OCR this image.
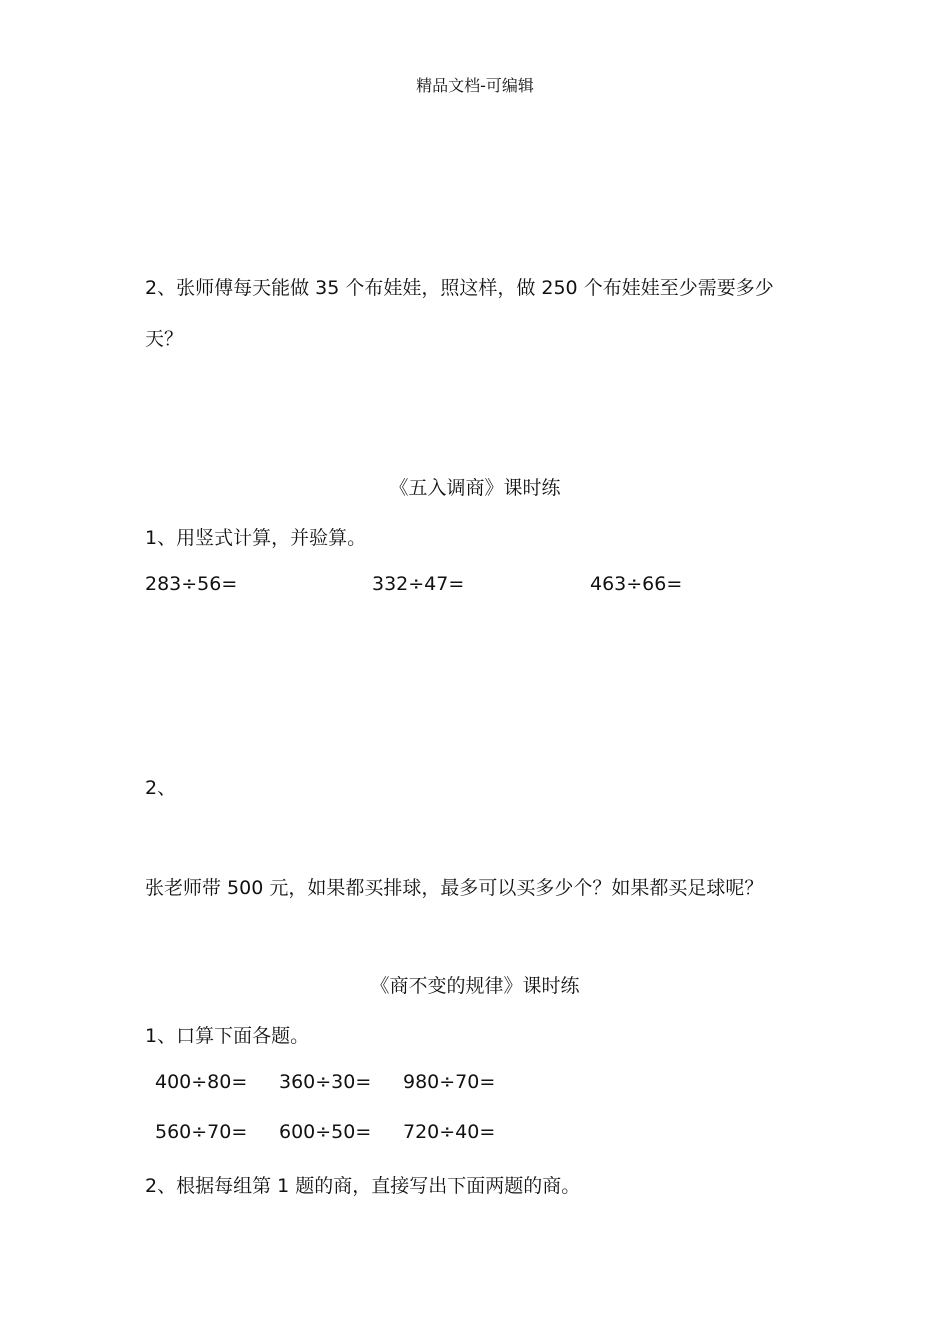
精品文档-可编辑
2、张师傅每天能做 35 个布娃娃，照这样，做 250 个布娃娃至少需要多少
天？
《五入调商》课时练
1、用竖式计算，并验算。
283÷56=	332÷47=	463÷66=
2、
张老师带 500 元，如果都买排球，最多可以买多少个？如果都买足球呢？
《商不变的规律》课时练
1、口算下面各题。
400÷80= 360÷30= 980÷70=
560÷70= 600÷50= 720÷40=
2、根据每组第 1 题的商，直接写出下面两题的商。
